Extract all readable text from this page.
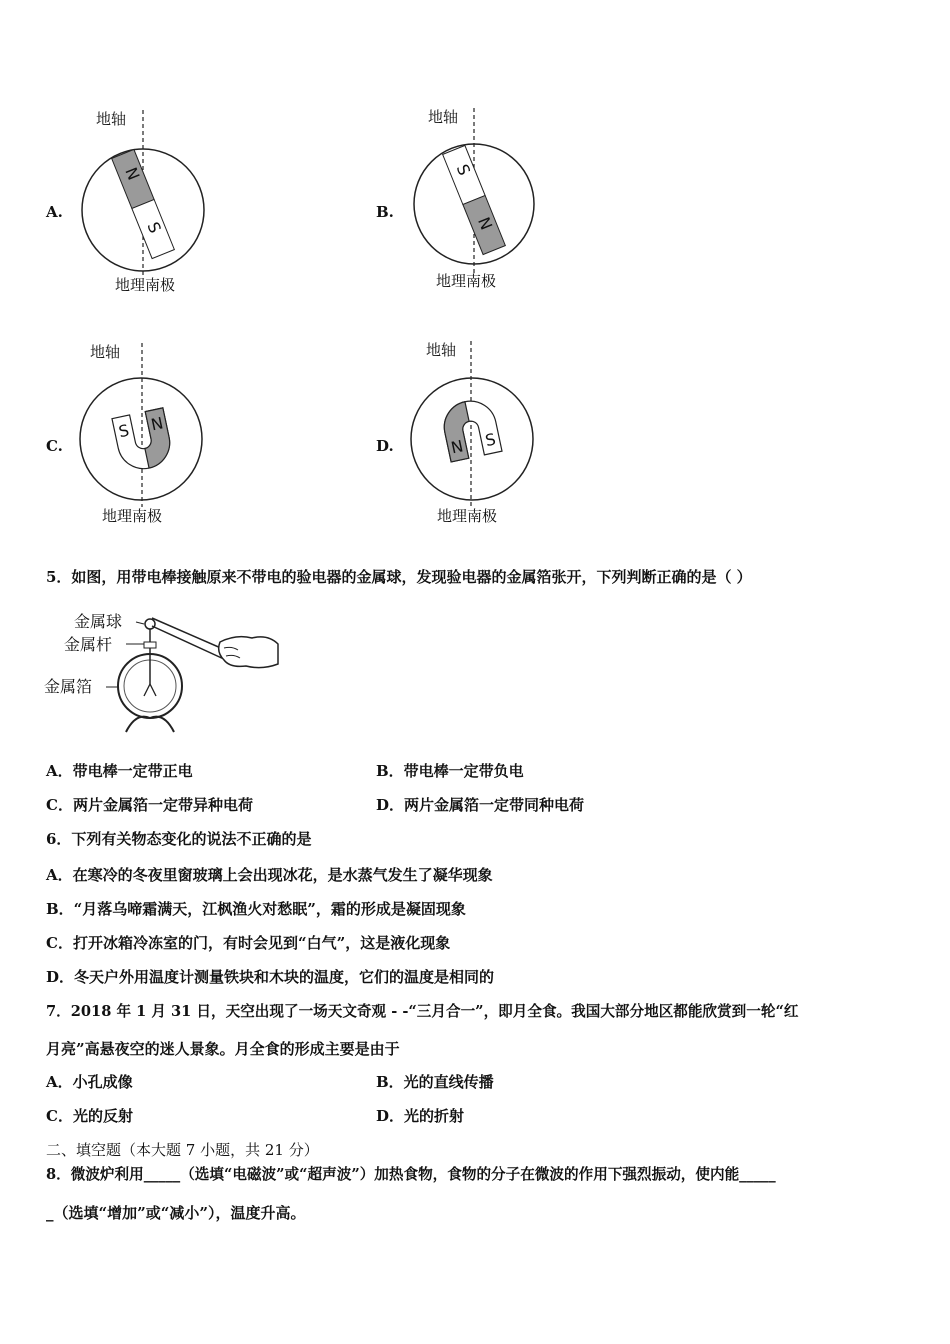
A.
地轴
N
S
地理南极
B.
地轴
S
N
地理南极
C.
地轴
S N
地理南极
D.
地轴
N S
地理南极
5．如图，用带电棒接触原来不带电的验电器的金属球，发现验电器的金属箔张开，下列判断正确的是（ ）
金属球
金属杆
金属箔
A．带电棒一定带正电	B．带电棒一定带负电
C．两片金属箔一定带异种电荷	D．两片金属箔一定带同种电荷
6．下列有关物态变化的说法不正确的是
A．在寒冷的冬夜里窗玻璃上会出现冰花，是水蒸气发生了凝华现象
B．“月落乌啼霜满天，江枫渔火对愁眠”，霜的形成是凝固现象
C．打开冰箱冷冻室的门，有时会见到“白气”，这是液化现象
D．冬天户外用温度计测量铁块和木块的温度，它们的温度是相同的
7．2018 年 1 月 31 日，天空出现了一场天文奇观 - -“三月合一”，即月全食。我国大部分地区都能欣赏到一轮“红
月亮”高悬夜空的迷人景象。月全食的形成主要是由于
A．小孔成像	B．光的直线传播
C．光的反射	D．光的折射
二、填空题（本大题 7 小题，共 21 分）
8．微波炉利用_____（选填“电磁波”或“超声波”）加热食物，食物的分子在微波的作用下强烈振动，使内能_____
_（选填“增加”或“减小”），温度升高。
